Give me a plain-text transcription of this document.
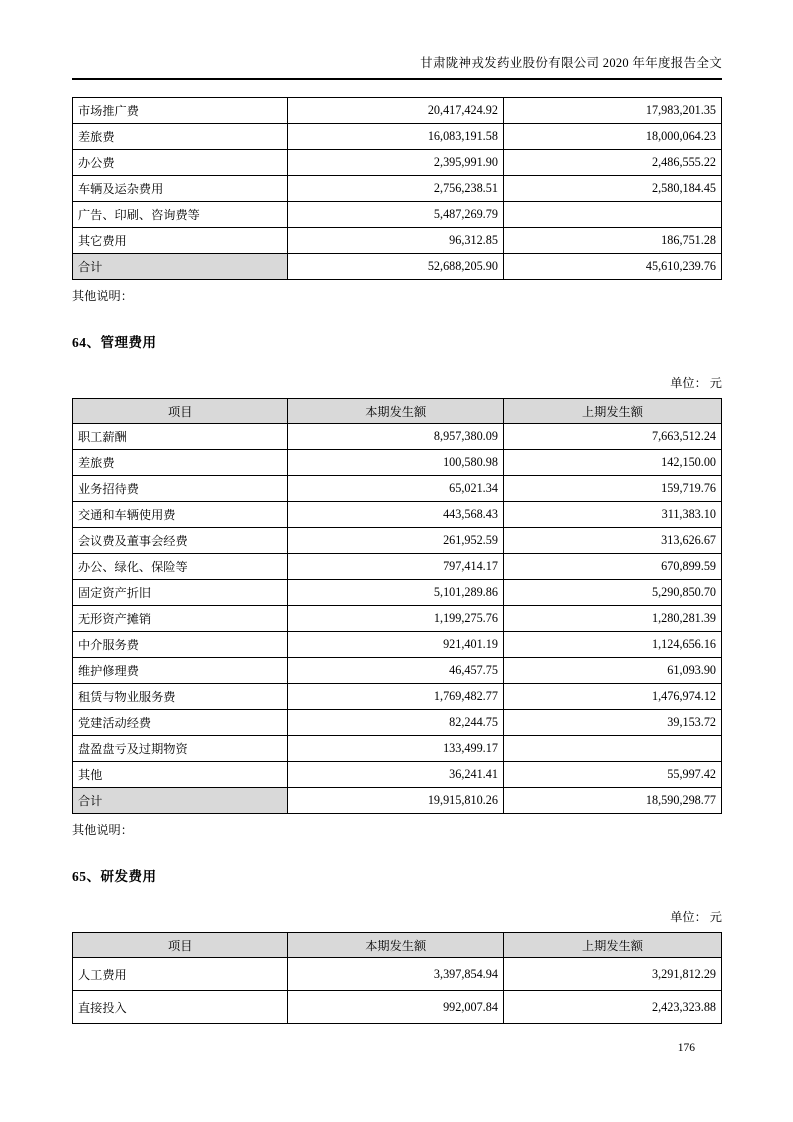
甘肃陇神戎发药业股份有限公司 2020 年年度报告全文
市场推广费	20,417,424.92	17,983,201.35
差旅费	16,083,191.58	18,000,064.23
办公费	2,395,991.90	2,486,555.22
车辆及运杂费用	2,756,238.51	2,580,184.45
广告、印刷、咨询费等	5,487,269.79	
其它费用	96,312.85	186,751.28
合计	52,688,205.90	45,610,239.76
其他说明：
64、管理费用
单位： 元
项目	本期发生额	上期发生额
职工薪酬	8,957,380.09	7,663,512.24
差旅费	100,580.98	142,150.00
业务招待费	65,021.34	159,719.76
交通和车辆使用费	443,568.43	311,383.10
会议费及董事会经费	261,952.59	313,626.67
办公、绿化、保险等	797,414.17	670,899.59
固定资产折旧	5,101,289.86	5,290,850.70
无形资产摊销	1,199,275.76	1,280,281.39
中介服务费	921,401.19	1,124,656.16
维护修理费	46,457.75	61,093.90
租赁与物业服务费	1,769,482.77	1,476,974.12
党建活动经费	82,244.75	39,153.72
盘盈盘亏及过期物资	133,499.17	
其他	36,241.41	55,997.42
合计	19,915,810.26	18,590,298.77
其他说明：
65、研发费用
单位： 元
项目	本期发生额	上期发生额
人工费用	3,397,854.94	3,291,812.29
直接投入	992,007.84	2,423,323.88
176
